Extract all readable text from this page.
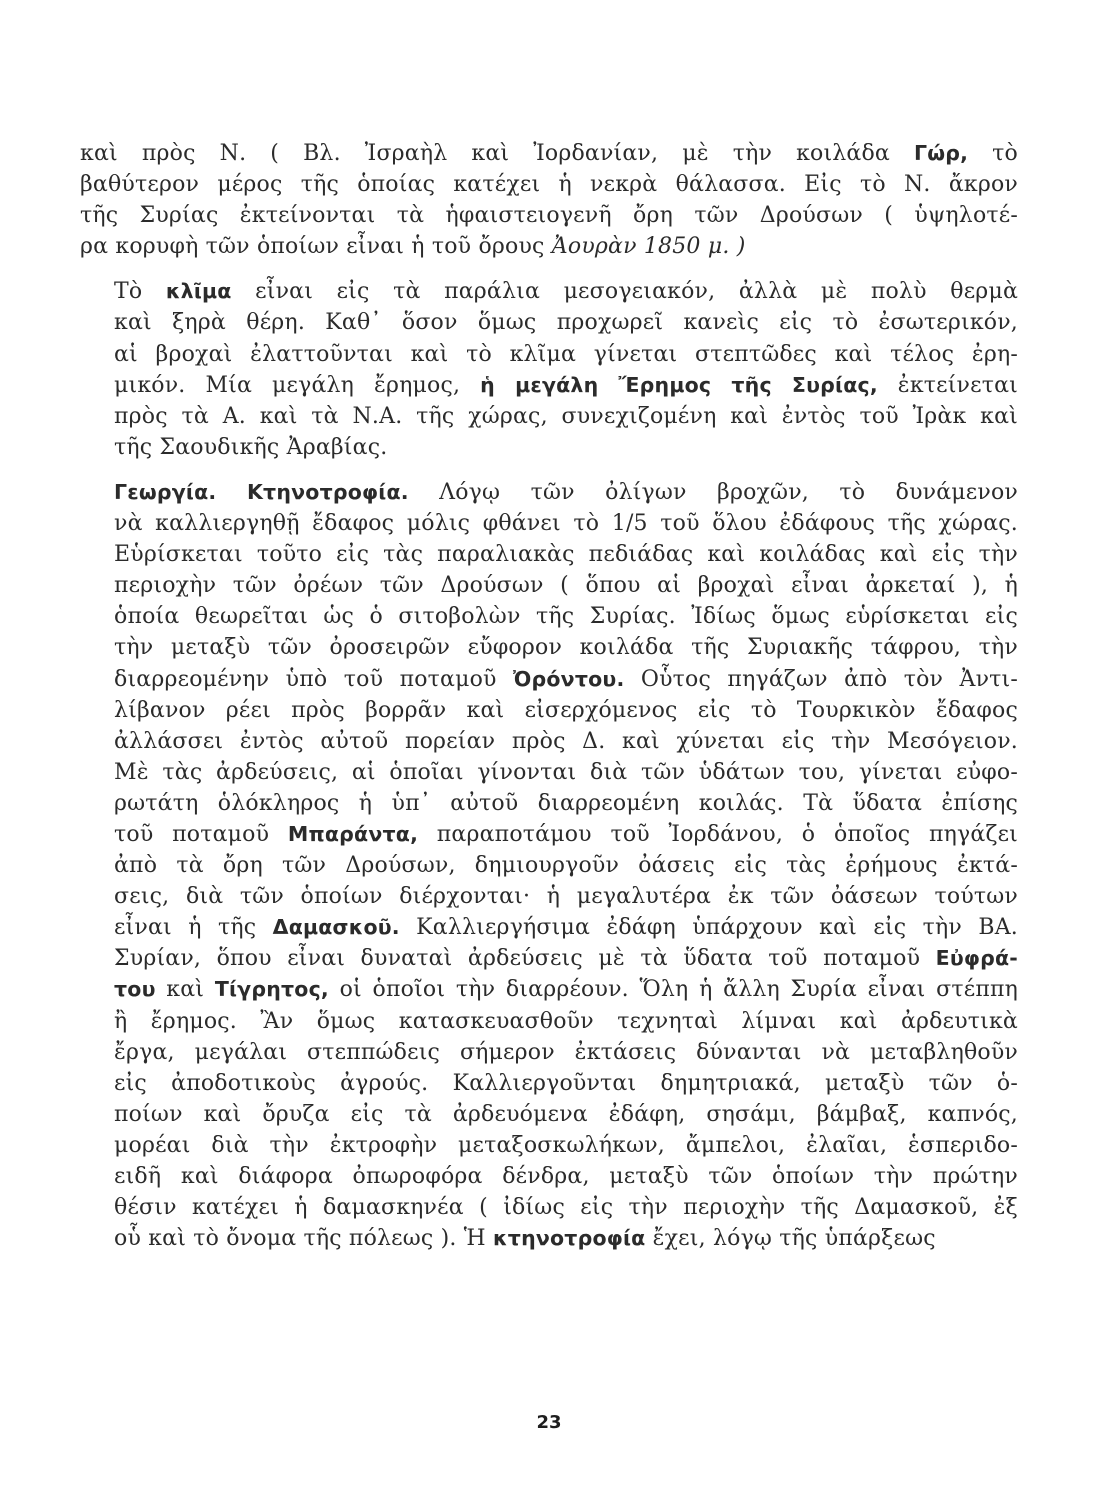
καὶ πρὸς Ν. ( Βλ. Ἰσραὴλ καὶ Ἰορδανίαν, μὲ τὴν κοιλάδα Γώρ, τὸ
βαθύτερον μέρος τῆς ὁποίας κατέχει ἡ νεκρὰ θάλασσα. Εἰς τὸ Ν. ἄκρον
τῆς Συρίας ἐκτείνονται τὰ ἡφαιστειογενῆ ὄρη τῶν Δρούσων ( ὑψηλοτέ-
ρα κορυφὴ τῶν ὁποίων εἶναι ἡ τοῦ ὄρους Ἀουρὰν 1850 μ. )
Τὸ κλῖμα εἶναι εἰς τὰ παράλια μεσογειακόν, ἀλλὰ μὲ πολὺ θερμὰ
καὶ ξηρὰ θέρη. Καθ᾿ ὅσον ὅμως προχωρεῖ κανεὶς εἰς τὸ ἐσωτερικόν,
αἱ βροχαὶ ἐλαττοῦνται καὶ τὸ κλῖμα γίνεται στεπτῶδες καὶ τέλος ἐρη-
μικόν. Μία μεγάλη ἔρημος, ἡ μεγάλη Ἔρημος τῆς Συρίας, ἐκτείνεται
πρὸς τὰ Α. καὶ τὰ Ν.Α. τῆς χώρας, συνεχιζομένη καὶ ἐντὸς τοῦ Ἰρὰκ καὶ
τῆς Σαουδικῆς Ἀραβίας.
Γεωργία. Κτηνοτροφία. Λόγῳ τῶν ὀλίγων βροχῶν, τὸ δυνάμενον
νὰ καλλιεργηθῇ ἔδαφος μόλις φθάνει τὸ 1/5 τοῦ ὅλου ἐδάφους τῆς χώρας.
Εὑρίσκεται τοῦτο εἰς τὰς παραλιακὰς πεδιάδας καὶ κοιλάδας καὶ εἰς τὴν
περιοχὴν τῶν ὀρέων τῶν Δρούσων ( ὅπου αἱ βροχαὶ εἶναι ἀρκεταί ), ἡ
ὁποία θεωρεῖται ὡς ὁ σιτοβολὼν τῆς Συρίας. Ἰδίως ὅμως εὑρίσκεται εἰς
τὴν μεταξὺ τῶν ὀροσειρῶν εὔφορον κοιλάδα τῆς Συριακῆς τάφρου, τὴν
διαρρεομένην ὑπὸ τοῦ ποταμοῦ Ὀρόντου. Οὗτος πηγάζων ἀπὸ τὸν Ἀντι-
λίβανον ρέει πρὸς βορρᾶν καὶ εἰσερχόμενος εἰς τὸ Τουρκικὸν ἔδαφος
ἀλλάσσει ἐντὸς αὐτοῦ πορείαν πρὸς Δ. καὶ χύνεται εἰς τὴν Μεσόγειον.
Μὲ τὰς ἀρδεύσεις, αἱ ὁποῖαι γίνονται διὰ τῶν ὑδάτων του, γίνεται εὐφο-
ρωτάτη ὁλόκληρος ἡ ὑπ᾿ αὐτοῦ διαρρεομένη κοιλάς. Τὰ ὕδατα ἐπίσης
τοῦ ποταμοῦ Μπαράντα, παραποτάμου τοῦ Ἰορδάνου, ὁ ὁποῖος πηγάζει
ἀπὸ τὰ ὄρη τῶν Δρούσων, δημιουργοῦν ὀάσεις εἰς τὰς ἐρήμους ἐκτά-
σεις, διὰ τῶν ὁποίων διέρχονται· ἡ μεγαλυτέρα ἐκ τῶν ὀάσεων τούτων
εἶναι ἡ τῆς Δαμασκοῦ. Καλλιεργήσιμα ἐδάφη ὑπάρχουν καὶ εἰς τὴν ΒΑ.
Συρίαν, ὅπου εἶναι δυναταὶ ἀρδεύσεις μὲ τὰ ὕδατα τοῦ ποταμοῦ Εὐφρά-
του καὶ Τίγρητος, οἱ ὁποῖοι τὴν διαρρέουν. Ὅλη ἡ ἄλλη Συρία εἶναι στέππη
ἢ ἔρημος. Ἂν ὅμως κατασκευασθοῦν τεχνηταὶ λίμναι καὶ ἀρδευτικὰ
ἔργα, μεγάλαι στεππώδεις σήμερον ἐκτάσεις δύνανται νὰ μεταβληθοῦν
εἰς ἀποδοτικοὺς ἀγρούς. Καλλιεργοῦνται δημητριακά, μεταξὺ τῶν ὁ-
ποίων καὶ ὄρυζα εἰς τὰ ἀρδευόμενα ἐδάφη, σησάμι, βάμβαξ, καπνός,
μορέαι διὰ τὴν ἐκτροφὴν μεταξοσκωλήκων, ἄμπελοι, ἐλαῖαι, ἑσπεριδο-
ειδῆ καὶ διάφορα ὀπωροφόρα δένδρα, μεταξὺ τῶν ὁποίων τὴν πρώτην
θέσιν κατέχει ἡ δαμασκηνέα ( ἰδίως εἰς τὴν περιοχὴν τῆς Δαμασκοῦ, ἐξ
οὗ καὶ τὸ ὄνομα τῆς πόλεως ). Ἡ κτηνοτροφία ἔχει, λόγῳ τῆς ὑπάρξεως
23
